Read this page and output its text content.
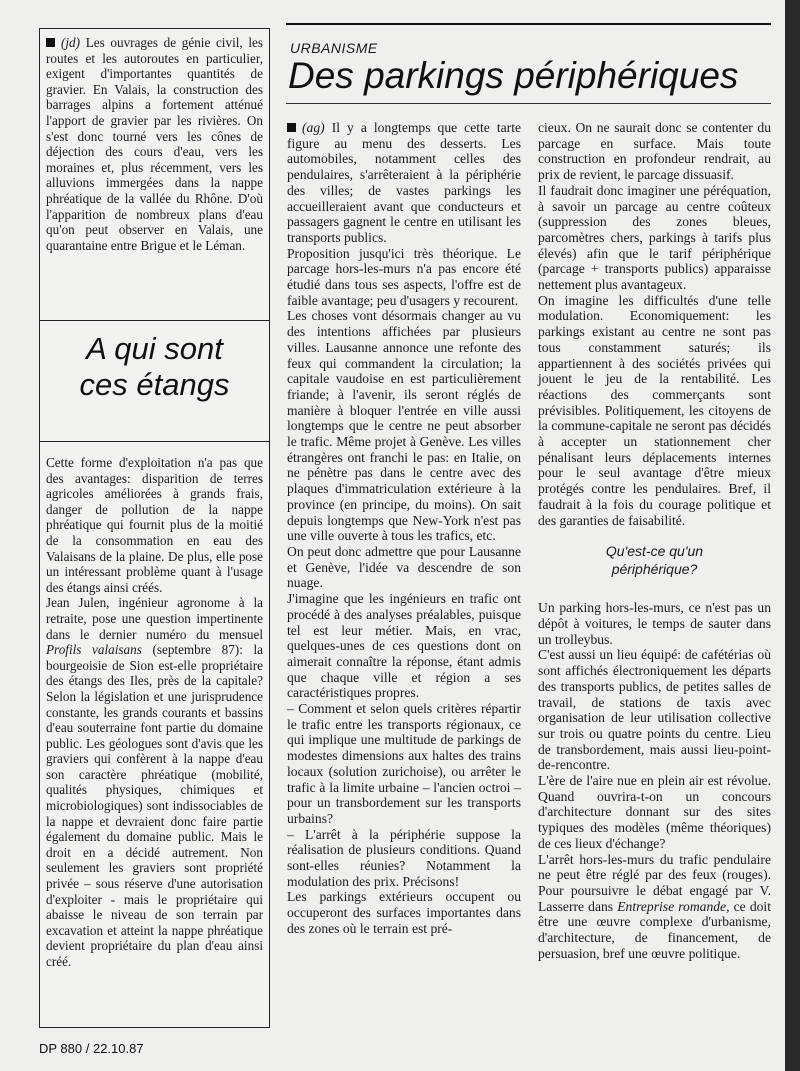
(jd) Les ouvrages de génie civil, les routes et les autoroutes en particulier, exigent d'importantes quantités de gravier. En Valais, la construction des barrages alpins a fortement atténué l'apport de gravier par les rivières. On s'est donc tourné vers les cônes de déjection des cours d'eau, vers les moraines et, plus récemment, vers les alluvions immergées dans la nappe phréatique de la vallée du Rhône. D'où l'apparition de nombreux plans d'eau qu'on peut observer en Valais, une quarantaine entre Brigue et le Léman.

A qui sont
ces étangs

Cette forme d'exploitation n'a pas que des avantages: disparition de terres agricoles améliorées à grands frais, danger de pollution de la nappe phréatique qui fournit plus de la moitié de la consommation en eau des Valaisans de la plaine. De plus, elle pose un intéressant problème quant à l'usage des étangs ainsi créés.

Jean Julen, ingénieur agronome à la retraite, pose une question impertinente dans le dernier numéro du mensuel Profils valaisans (septembre 87): la bourgeoisie de Sion est-elle propriétaire des étangs des Iles, près de la capitale? Selon la législation et une jurisprudence constante, les grands courants et bassins d'eau souterraine font partie du domaine public. Les géologues sont d'avis que les graviers qui confèrent à la nappe d'eau son caractère phréatique (mobilité, qualités physiques, chimiques et microbiologiques) sont indissociables de la nappe et devraient donc faire partie également du domaine public. Mais le droit en a décidé autrement. Non seulement les graviers sont propriété privée – sous réserve d'une autorisation d'exploiter - mais le propriétaire qui abaisse le niveau de son terrain par excavation et atteint la nappe phréatique devient propriétaire du plan d'eau ainsi créé.

URBANISME
Des parkings périphériques

(ag) Il y a longtemps que cette tarte figure au menu des desserts. Les automobiles, notamment celles des pendulaires, s'arrêteraient à la périphérie des villes; de vastes parkings les accueilleraient avant que conducteurs et passagers gagnent le centre en utilisant les transports publics.

Proposition jusqu'ici très théorique. Le parcage hors-les-murs n'a pas encore été étudié dans tous ses aspects, l'offre est de faible avantage; peu d'usagers y recourent.

Les choses vont désormais changer au vu des intentions affichées par plusieurs villes. Lausanne annonce une refonte des feux qui commandent la circulation; la capitale vaudoise en est particulièrement friande; à l'avenir, ils seront réglés de manière à bloquer l'entrée en ville aussi longtemps que le centre ne peut absorber le trafic. Même projet à Genève. Les villes étrangères ont franchi le pas: en Italie, on ne pénètre pas dans le centre avec des plaques d'immatriculation extérieure à la province (en principe, du moins). On sait depuis longtemps que New-York n'est pas une ville ouverte à tous les trafics, etc.

On peut donc admettre que pour Lausanne et Genève, l'idée va descendre de son nuage.

J'imagine que les ingénieurs en trafic ont procédé à des analyses préalables, puisque tel est leur métier. Mais, en vrac, quelques-unes de ces questions dont on aimerait connaître la réponse, étant admis que chaque ville et région a ses caractéristiques propres.

– Comment et selon quels critères répartir le trafic entre les transports régionaux, ce qui implique une multitude de parkings de modestes dimensions aux haltes des trains locaux (solution zurichoise), ou arrêter le trafic à la limite urbaine – l'ancien octroi – pour un transbordement sur les transports urbains?

– L'arrêt à la périphérie suppose la réalisation de plusieurs conditions. Quand sont-elles réunies? Notamment la modulation des prix. Précisons!

Les parkings extérieurs occupent ou occuperont des surfaces importantes dans des zones où le terrain est pré-

cieux. On ne saurait donc se contenter du parcage en surface. Mais toute construction en profondeur rendrait, au prix de revient, le parcage dissuasif.

Il faudrait donc imaginer une péréquation, à savoir un parcage au centre coûteux (suppression des zones bleues, parcomètres chers, parkings à tarifs plus élevés) afin que le tarif périphérique (parcage + transports publics) apparaisse nettement plus avantageux.

On imagine les difficultés d'une telle modulation. Economiquement: les parkings existant au centre ne sont pas tous constamment saturés; ils appartiennent à des sociétés privées qui jouent le jeu de la rentabilité. Les réactions des commerçants sont prévisibles. Politiquement, les citoyens de la commune-capitale ne seront pas décidés à accepter un stationnement cher pénalisant leurs déplacements internes pour le seul avantage d'être mieux protégés contre les pendulaires. Bref, il faudrait à la fois du courage politique et des garanties de faisabilité.

Qu'est-ce qu'un
périphérique?

Un parking hors-les-murs, ce n'est pas un dépôt à voitures, le temps de sauter dans un trolleybus.

C'est aussi un lieu équipé: de cafétérias où sont affichés électroniquement les départs des transports publics, de petites salles de travail, de stations de taxis avec organisation de leur utilisation collective sur trois ou quatre points du centre. Lieu de transbordement, mais aussi lieu-point-de-rencontre.

L'ère de l'aire nue en plein air est révolue. Quand ouvrira-t-on un concours d'architecture donnant sur des sites typiques des modèles (même théoriques) de ces lieux d'échange?

L'arrêt hors-les-murs du trafic pendulaire ne peut être réglé par des feux (rouges). Pour poursuivre le débat engagé par V. Lasserre dans Entreprise romande, ce doit être une œuvre complexe d'urbanisme, d'architecture, de financement, de persuasion, bref une œuvre politique.

DP 880 / 22.10.87
